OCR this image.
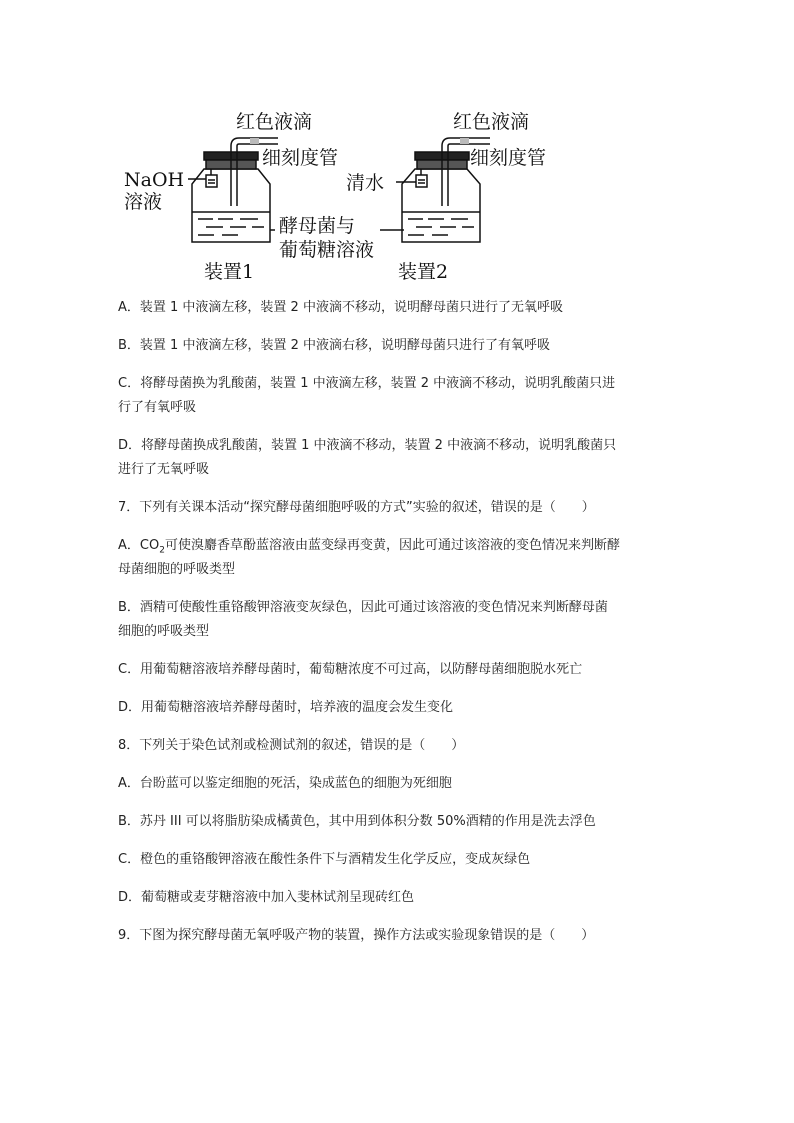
红色液滴
细刻度管
NaOH
溶液
红色液滴
细刻度管
清水
酵母菌与
葡萄糖溶液
装置1	装置2
A．装置 1 中液滴左移，装置 2 中液滴不移动，说明酵母菌只进行了无氧呼吸
B．装置 1 中液滴左移，装置 2 中液滴右移，说明酵母菌只进行了有氧呼吸
C．将酵母菌换为乳酸菌，装置 1 中液滴左移，装置 2 中液滴不移动，说明乳酸菌只进
行了有氧呼吸
D．将酵母菌换成乳酸菌，装置 1 中液滴不移动，装置 2 中液滴不移动，说明乳酸菌只
进行了无氧呼吸
7．下列有关课本活动“探究酵母菌细胞呼吸的方式”实验的叙述，错误的是（　　）
A．$CO_2$可使溴麝香草酚蓝溶液由蓝变绿再变黄，因此可通过该溶液的变色情况来判断酵
母菌细胞的呼吸类型
B．酒精可使酸性重铬酸钾溶液变灰绿色，因此可通过该溶液的变色情况来判断酵母菌
细胞的呼吸类型
C．用葡萄糖溶液培养酵母菌时，葡萄糖浓度不可过高，以防酵母菌细胞脱水死亡
D．用葡萄糖溶液培养酵母菌时，培养液的温度会发生变化
8．下列关于染色试剂或检测试剂的叙述，错误的是（　　）
A．台盼蓝可以鉴定细胞的死活，染成蓝色的细胞为死细胞
B．苏丹 III 可以将脂肪染成橘黄色，其中用到体积分数 50%酒精的作用是洗去浮色
C．橙色的重铬酸钾溶液在酸性条件下与酒精发生化学反应，变成灰绿色
D．葡萄糖或麦芽糖溶液中加入斐林试剂呈现砖红色
9．下图为探究酵母菌无氧呼吸产物的装置，操作方法或实验现象错误的是（　　）
